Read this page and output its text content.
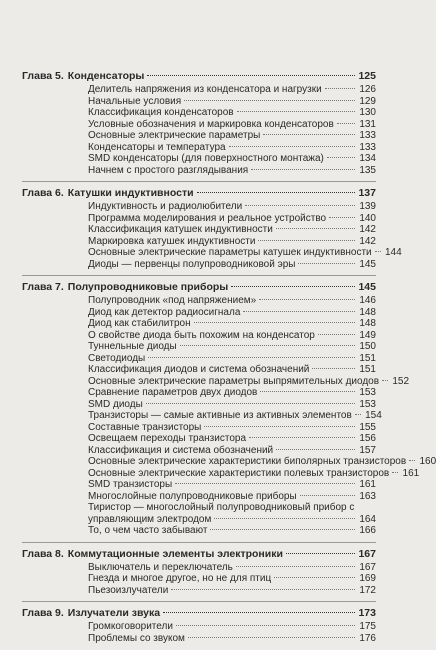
Глава 5. Конденсаторы	125
Делитель напряжения из конденсатора и нагрузки	126
Начальные условия	129
Классификация конденсаторов	130
Условные обозначения и маркировка конденсаторов	131
Основные электрические параметры	133
Конденсаторы и температура	133
SMD конденсаторы (для поверхностного монтажа)	134
Начнем с простого разглядывания	135
Глава 6. Катушки индуктивности	137
Индуктивность и радиолюбители	139
Программа моделирования и реальное устройство	140
Классификация катушек индуктивности	142
Маркировка катушек индуктивности	142
Основные электрические параметры катушек индуктивности 144
Диоды — первенцы полупроводниковой эры	145
Глава 7. Полупроводниковые приборы	145
Полупроводник «под напряжением»	146
Диод как детектор радиосигнала	148
Диод как стабилитрон	148
О свойстве диода быть похожим на конденсатор	149
Туннельные диоды	150
Светодиоды	151
Классификация диодов и система обозначений	151
Основные электрические параметры выпрямительных диодов 152
Сравнение параметров двух диодов	153
SMD диоды	153
Транзисторы — самые активные из активных элементов 154
Составные транзисторы	155
Освещаем переходы транзистора	156
Классификация и система обозначений	157
Основные электрические характеристики биполярных транзисторов 160
Основные электрические характеристики полевых транзисторов 161
SMD транзисторы	161
Многослойные полупроводниковые приборы	163
Тиристор — многослойный полупроводниковый прибор с
управляющим электродом	164
То, о чем часто забывают	166
Глава 8. Коммутационные элементы электроники	167
Выключатель и переключатель	167
Гнезда и многое другое, но не для птиц	169
Пьезоизлучатели	172
Глава 9. Излучатели звука	173
Громкоговорители	175
Проблемы со звуком	176
